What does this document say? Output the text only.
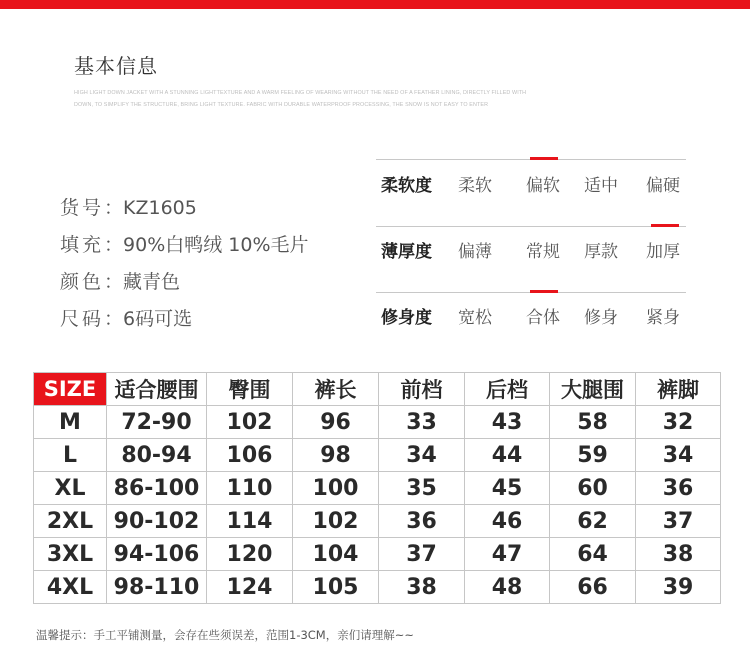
基本信息
HIGH LIGHT DOWN JACKET WITH A STUNNING LIGHTTEXTURE AND A WARM FEELING OF WEARING WITHOUT THE NEED OF A FEATHER LINING, DIRECTLY FILLED WITH DOWN, TO SIMPLIFY THE STRUCTURE, BRING LIGHT TEXTURE. FABRIC WITH DURABLE WATERPROOF PROCESSING, THE SNOW IS NOT EASY TO ENTER
货号：KZ1605
填充：90%白鸭绒 10%毛片
颜色：藏青色
尺码：6码可选
柔软度 柔软 偏软 适中 偏硬
薄厚度 偏薄 常规 厚款 加厚
修身度 宽松 合体 修身 紧身
SIZE	适合腰围	臀围	裤长	前档	后档	大腿围	裤脚
M	72-90	102	96	33	43	58	32
L	80-94	106	98	34	44	59	34
XL	86-100	110	100	35	45	60	36
2XL	90-102	114	102	36	46	62	37
3XL	94-106	120	104	37	47	64	38
4XL	98-110	124	105	38	48	66	39
温馨提示：手工平铺测量，会存在些须误差，范围1-3CM，亲们请理解~~
